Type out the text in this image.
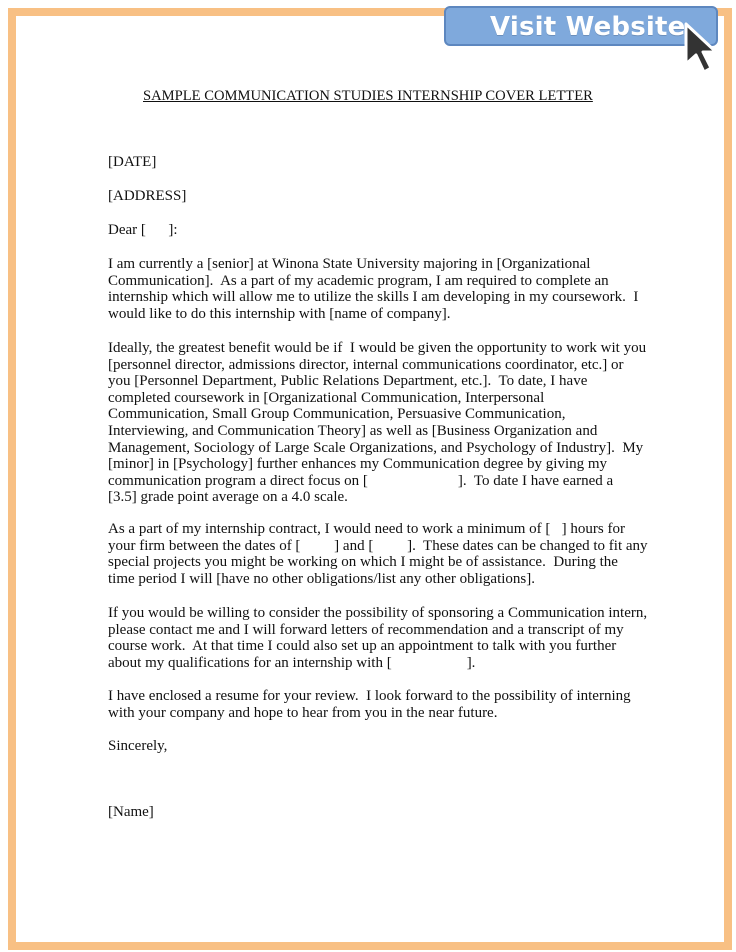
SAMPLE COMMUNICATION STUDIES INTERNSHIP COVER LETTER
[DATE]
[ADDRESS]
Dear [      ]:
I am currently a [senior] at Winona State University majoring in [Organizational
Communication].  As a part of my academic program, I am required to complete an
internship which will allow me to utilize the skills I am developing in my coursework.  I
would like to do this internship with [name of company].
Ideally, the greatest benefit would be if  I would be given the opportunity to work wit you
[personnel director, admissions director, internal communications coordinator, etc.] or
you [Personnel Department, Public Relations Department, etc.].  To date, I have
completed coursework in [Organizational Communication, Interpersonal
Communication, Small Group Communication, Persuasive Communication,
Interviewing, and Communication Theory] as well as [Business Organization and
Management, Sociology of Large Scale Organizations, and Psychology of Industry].  My
[minor] in [Psychology] further enhances my Communication degree by giving my
communication program a direct focus on [                        ].  To date I have earned a
[3.5] grade point average on a 4.0 scale.
As a part of my internship contract, I would need to work a minimum of [   ] hours for
your firm between the dates of [         ] and [         ].  These dates can be changed to fit any
special projects you might be working on which I might be of assistance.  During the
time period I will [have no other obligations/list any other obligations].
If you would be willing to consider the possibility of sponsoring a Communication intern,
please contact me and I will forward letters of recommendation and a transcript of my
course work.  At that time I could also set up an appointment to talk with you further
about my qualifications for an internship with [                    ].
I have enclosed a resume for your review.  I look forward to the possibility of interning
with your company and hope to hear from you in the near future.
Sincerely,
[Name]
Visit Website
